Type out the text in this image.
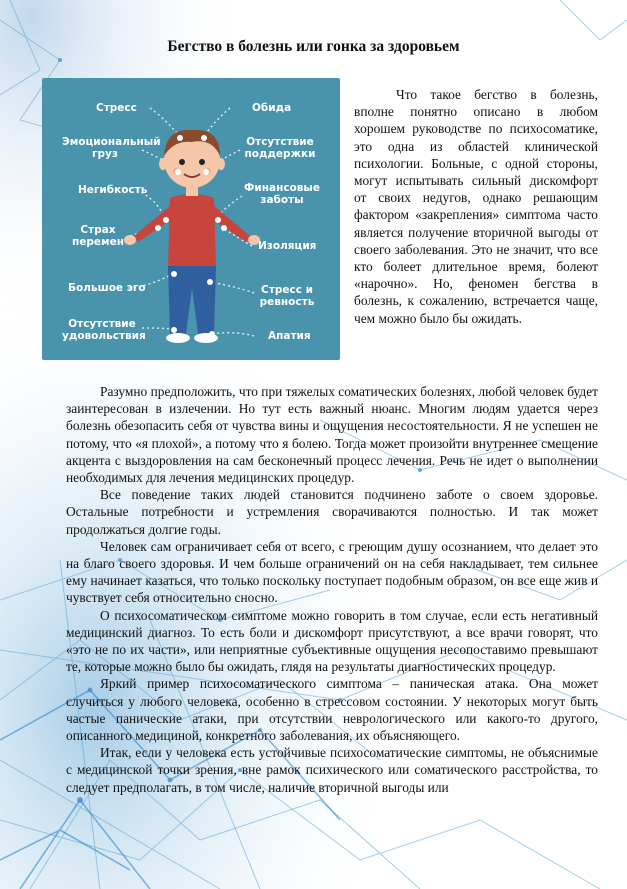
Бегство в болезнь или гонка за здоровьем
Стресс
Эмоциональный груз
Негибкость
Страх перемен
Большое эго
Отсутствие удовольствия
Обида
Отсутствие поддержки
Финансовые заботы
Изоляция
Стресс и ревность
Апатия

Что такое бегство в болезнь, вполне понятно описано в любом хорошем руководстве по психосоматике, это одна из областей клинической психологии. Больные, с одной стороны, могут испытывать сильный дискомфорт от своих недугов, однако решающим фактором «закрепления» симптома часто является получение вторичной выгоды от своего заболевания. Это не значит, что все кто болеет длительное время, болеют «нарочно». Но, феномен бегства в болезнь, к сожалению, встречается чаще, чем можно было бы ожидать.

Разумно предположить, что при тяжелых соматических болезнях, любой человек будет заинтересован в излечении. Но тут есть важный нюанс. Многим людям удается через болезнь обезопасить себя от чувства вины и ощущения несостоятельности. Я не успешен не потому, что «я плохой», а потому что я болею. Тогда может произойти внутреннее смещение акцента с выздоровления на сам бесконечный процесс лечения. Речь не идет о выполнении необходимых для лечения медицинских процедур.

Все поведение таких людей становится подчинено заботе о своем здоровье. Остальные потребности и устремления сворачиваются полностью. И так может продолжаться долгие годы.

Человек сам ограничивает себя от всего, с греющим душу осознанием, что делает это на благо своего здоровья. И чем больше ограничений он на себя накладывает, тем сильнее ему начинает казаться, что только поскольку поступает подобным образом, он все еще жив и чувствует себя относительно сносно.

О психосоматическом симптоме можно говорить в том случае, если есть негативный медицинский диагноз. То есть боли и дискомфорт присутствуют, а все врачи говорят, что «это не по их части», или неприятные субъективные ощущения несопоставимо превышают те, которые можно было бы ожидать, глядя на результаты диагностических процедур.

Яркий пример психосоматического симптома – паническая атака. Она может случиться у любого человека, особенно в стрессовом состоянии. У некоторых могут быть частые панические атаки, при отсутствии неврологического или какого-то другого, описанного медициной, конкретного заболевания, их объясняющего.

Итак, если у человека есть устойчивые психосоматические симптомы, не объяснимые с медицинской точки зрения, вне рамок психического или соматического расстройства, то следует предполагать, в том числе, наличие вторичной выгоды или
